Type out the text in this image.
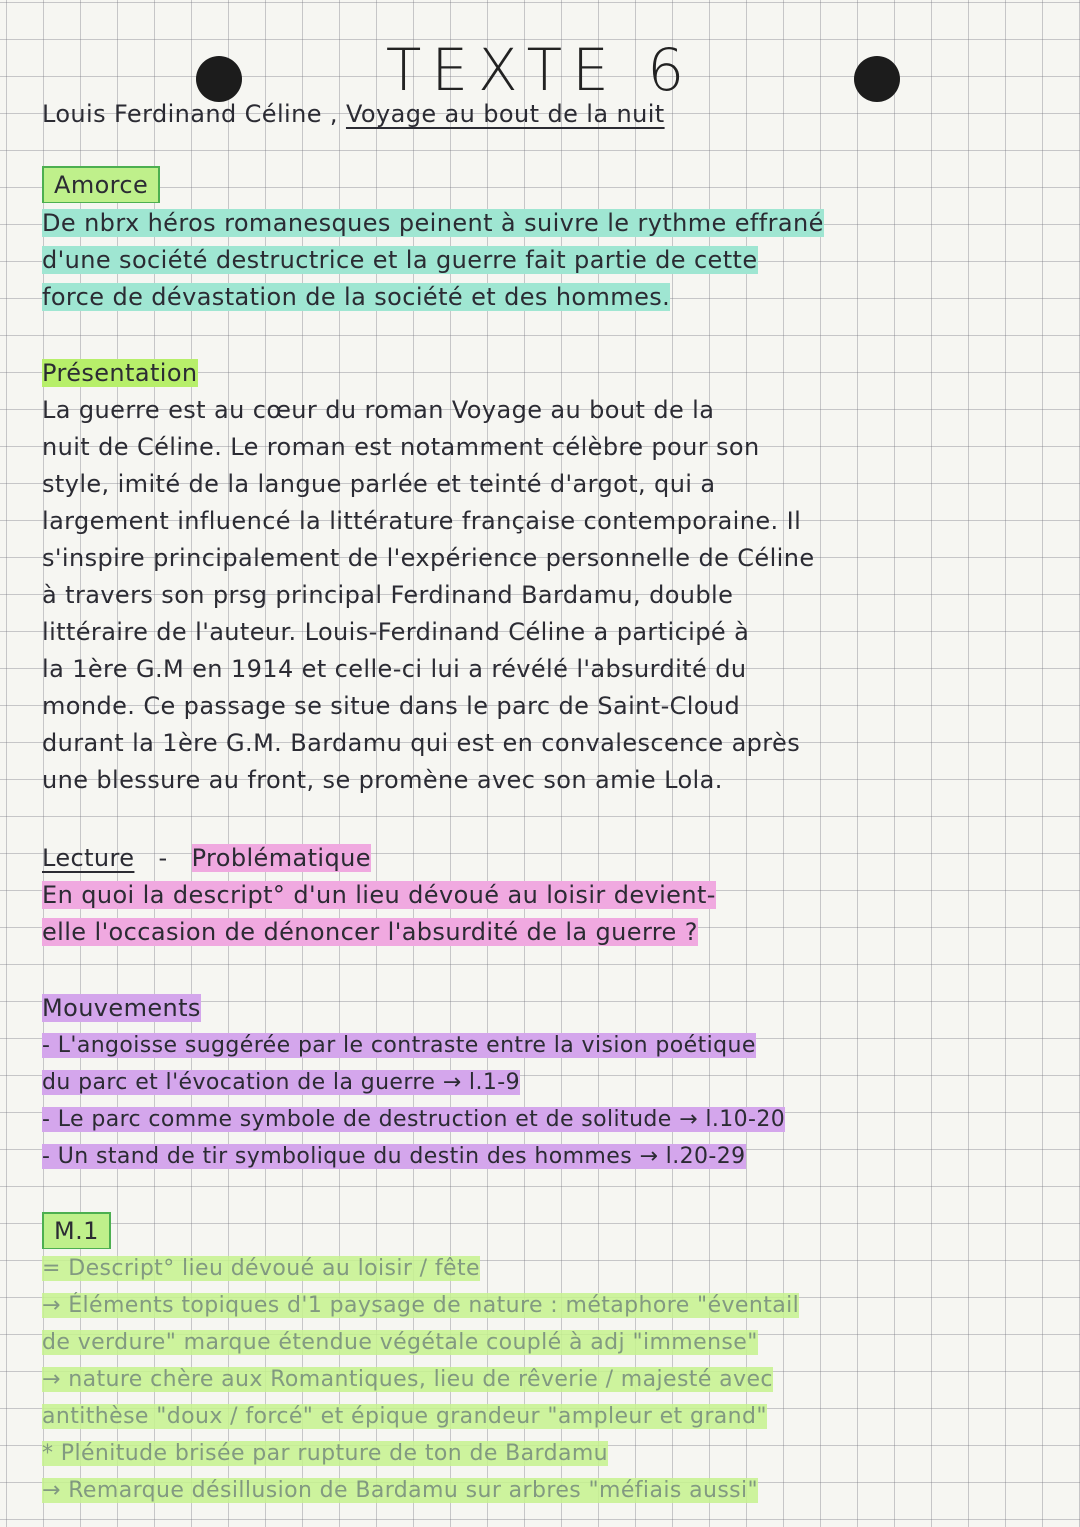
TEXTE 6
Louis Ferdinand Céline , Voyage au bout de la nuit
Amorce
De nbrx héros romanesques peinent à suivre le rythme effrané
d'une société destructrice et la guerre fait partie de cette
force de dévastation de la société et des hommes.
Présentation
La guerre est au cœur du roman Voyage au bout de la
nuit de Céline. Le roman est notamment célèbre pour son
style, imité de la langue parlée et teinté d'argot, qui a
largement influencé la littérature française contemporaine. Il
s'inspire principalement de l'expérience personnelle de Céline
à travers son prsg principal Ferdinand Bardamu, double
littéraire de l'auteur. Louis-Ferdinand Céline a participé à
la 1ère G.M en 1914 et celle-ci lui a révélé l'absurdité du
monde. Ce passage se situe dans le parc de Saint-Cloud
durant la 1ère G.M. Bardamu qui est en convalescence après
une blessure au front, se promène avec son amie Lola.
Lecture - Problématique
En quoi la descript° d'un lieu dévoué au loisir devient-
elle l'occasion de dénoncer l'absurdité de la guerre ?
Mouvements
- L'angoisse suggérée par le contraste entre la vision poétique
du parc et l'évocation de la guerre → l.1-9
- Le parc comme symbole de destruction et de solitude → l.10-20
- Un stand de tir symbolique du destin des hommes → l.20-29
M.1
= Descript° lieu dévoué au loisir / fête
→ Éléments topiques d'1 paysage de nature : métaphore "éventail
de verdure" marque étendue végétale couplé à adj "immense"
→ nature chère aux Romantiques, lieu de rêverie / majesté avec
antithèse "doux / forcé" et épique grandeur "ampleur et grand"
* Plénitude brisée par rupture de ton de Bardamu
→ Remarque désillusion de Bardamu sur arbres "méfiais aussi"
